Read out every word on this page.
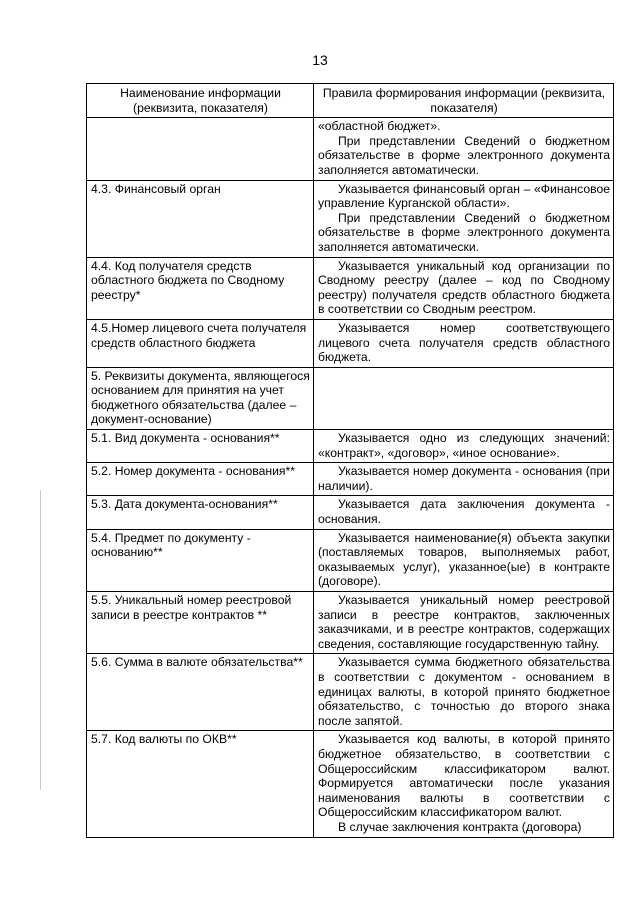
13
Наименование информации (реквизита, показателя)	Правила формирования информации (реквизита, показателя)

	«областной бюджет».

При представлении Сведений о бюджетном обязательстве в форме электронного документа заполняется автоматически.

4.3. Финансовый орган	Указывается финансовый орган – «Финансовое управление Курганской области».

При представлении Сведений о бюджетном обязательстве в форме электронного документа заполняется автоматически.

4.4. Код получателя средств областного бюджета по Сводному реестру*	Указывается уникальный код организации по Сводному реестру (далее – код по Сводному реестру) получателя средств областного бюджета в соответствии со Сводным реестром.

4.5.Номер лицевого счета получателя средств областного бюджета	Указывается номер соответствующего лицевого счета получателя средств областного бюджета.

5. Реквизиты документа, являющегося основанием для принятия на учет бюджетного обязательства (далее – документ-основание)	
5.1. Вид документа - основания**	Указывается одно из следующих значений: «контракт», «договор», «иное основание».

5.2. Номер документа - основания**	Указывается номер документа - основания (при наличии).

5.3. Дата документа-основания**	Указывается дата заключения документа - основания.

5.4. Предмет по документу - основанию**	Указывается наименование(я) объекта закупки (поставляемых товаров, выполняемых работ, оказываемых услуг), указанное(ые) в контракте (договоре).

5.5. Уникальный номер реестровой записи в реестре контрактов **	Указывается уникальный номер реестровой записи в реестре контрактов, заключенных заказчиками, и в реестре контрактов, содержащих сведения, составляющие государственную тайну.

5.6. Сумма в валюте обязательства**	Указывается сумма бюджетного обязательства в соответствии с документом - основанием в единицах валюты, в которой принято бюджетное обязательство, с точностью до второго знака после запятой.

5.7. Код валюты по ОКВ**	Указывается код валюты, в которой принято бюджетное обязательство, в соответствии с Общероссийским классификатором валют. Формируется автоматически после указания наименования валюты в соответствии с Общероссийским классификатором валют.

В случае заключения контракта (договора)
